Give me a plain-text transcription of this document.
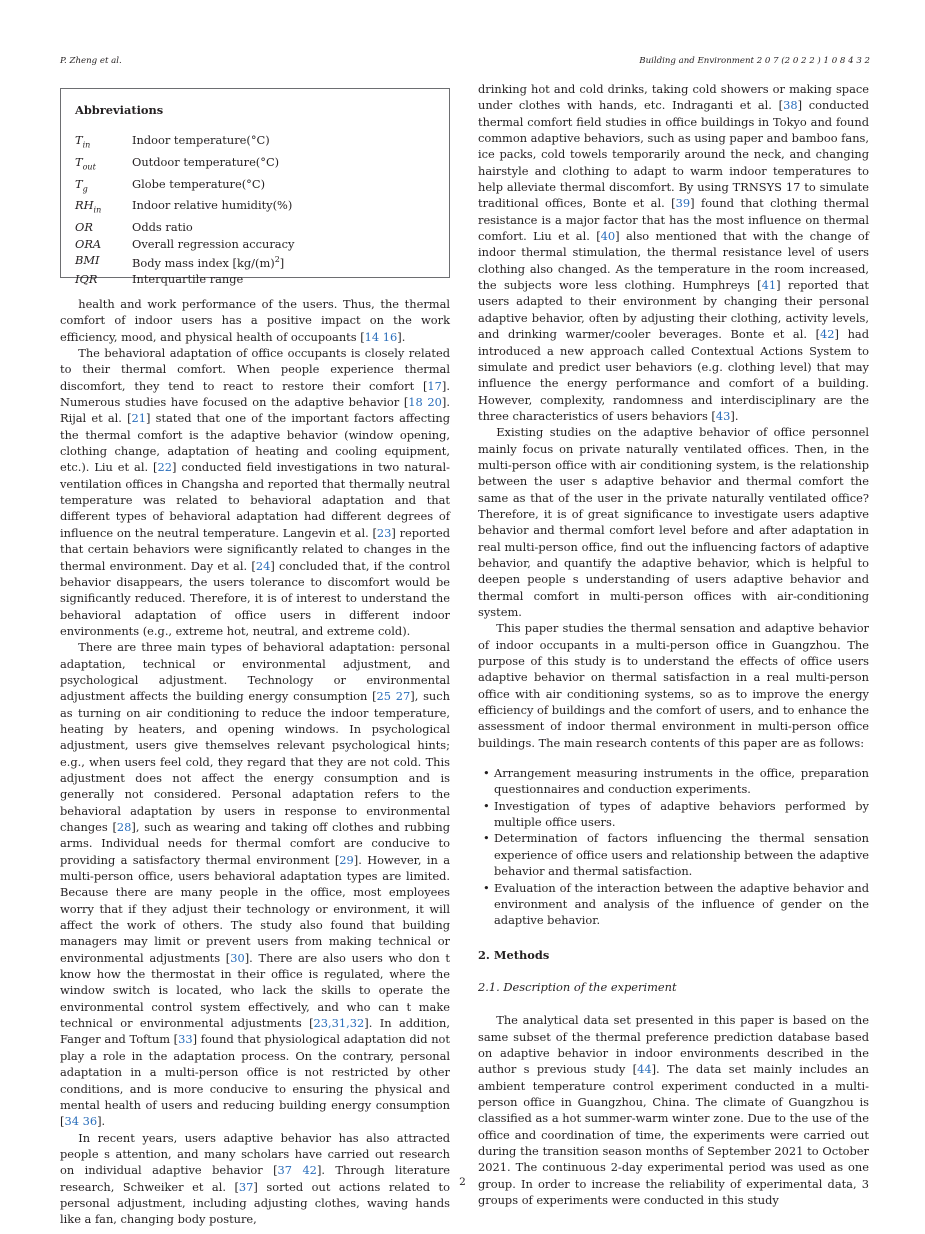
P. Zheng et al.	Building and Environment 2 0 7 (2 0 2 2 ) 1 0 8 4 3 2
Abbreviations
$T_{in}$	Indoor temperature(°C)
$T_{out}$	Outdoor temperature(°C)
$T_g$	Globe temperature(°C)
$RH_{in}$	Indoor relative humidity(%)
OR	Odds ratio
ORA	Overall regression accuracy
BMI	Body mass index $[kg/(m)^2]$
IQR	Interquartile range

health and work performance of the users. Thus, the thermal comfort of indoor users has a positive impact on the work efficiency, mood, and physical health of occupoants [14 16].

The behavioral adaptation of office occupants is closely related to their thermal comfort. When people experience thermal discomfort, they tend to react to restore their comfort [17]. Numerous studies have focused on the adaptive behavior [18 20]. Rijal et al. [21] stated that one of the important factors affecting the thermal comfort is the adaptive behavior (window opening, clothing change, adaptation of heating and cooling equipment, etc.). Liu et al. [22] conducted field investigations in two natural-ventilation offices in Changsha and reported that thermally neutral temperature was related to behavioral adaptation and that different types of behavioral adaptation had different degrees of influence on the neutral temperature. Langevin et al. [23] reported that certain behaviors were significantly related to changes in the thermal environment. Day et al. [24] concluded that, if the control behavior disappears, the users tolerance to discomfort would be significantly reduced. Therefore, it is of interest to understand the behavioral adaptation of office users in different indoor environments (e.g., extreme hot, neutral, and extreme cold).

There are three main types of behavioral adaptation: personal adaptation, technical or environmental adjustment, and psychological adjustment. Technology or environmental adjustment affects the building energy consumption [25 27], such as turning on air conditioning to reduce the indoor temperature, heating by heaters, and opening windows. In psychological adjustment, users give themselves relevant psychological hints; e.g., when users feel cold, they regard that they are not cold. This adjustment does not affect the energy consumption and is generally not considered. Personal adaptation refers to the behavioral adaptation by users in response to environmental changes [28], such as wearing and taking off clothes and rubbing arms. Individual needs for thermal comfort are conducive to providing a satisfactory thermal environment [29]. However, in a multi-person office, users behavioral adaptation types are limited. Because there are many people in the office, most employees worry that if they adjust their technology or environment, it will affect the work of others. The study also found that building managers may limit or prevent users from making technical or environmental adjustments [30]. There are also users who don t know how the thermostat in their office is regulated, where the window switch is located, who lack the skills to operate the environmental control system effectively, and who can t make technical or environmental adjustments [23,31,32]. In addition, Fanger and Toftum [33] found that physiological adaptation did not play a role in the adaptation process. On the contrary, personal adaptation in a multi-person office is not restricted by other conditions, and is more conducive to ensuring the physical and mental health of users and reducing building energy consumption [34 36].

In recent years, users adaptive behavior has also attracted people s attention, and many scholars have carried out research on individual adaptive behavior [37 42]. Through literature research, Schweiker et al. [37] sorted out actions related to personal adjustment, including adjusting clothes, waving hands like a fan, changing body posture,

drinking hot and cold drinks, taking cold showers or making space under clothes with hands, etc. Indraganti et al. [38] conducted thermal comfort field studies in office buildings in Tokyo and found common adaptive behaviors, such as using paper and bamboo fans, ice packs, cold towels temporarily around the neck, and changing hairstyle and clothing to adapt to warm indoor temperatures to help alleviate thermal discomfort. By using TRNSYS 17 to simulate traditional offices, Bonte et al. [39] found that clothing thermal resistance is a major factor that has the most influence on thermal comfort. Liu et al. [40] also mentioned that with the change of indoor thermal stimulation, the thermal resistance level of users clothing also changed. As the temperature in the room increased, the subjects wore less clothing. Humphreys [41] reported that users adapted to their environment by changing their personal adaptive behavior, often by adjusting their clothing, activity levels, and drinking warmer/cooler beverages. Bonte et al. [42] had introduced a new approach called Contextual Actions System to simulate and predict user behaviors (e.g. clothing level) that may influence the energy performance and comfort of a building. However, complexity, randomness and interdisciplinary are the three characteristics of users behaviors [43].

Existing studies on the adaptive behavior of office personnel mainly focus on private naturally ventilated offices. Then, in the multi-person office with air conditioning system, is the relationship between the user s adaptive behavior and thermal comfort the same as that of the user in the private naturally ventilated office? Therefore, it is of great significance to investigate users adaptive behavior and thermal comfort level before and after adaptation in real multi-person office, find out the influencing factors of adaptive behavior, and quantify the adaptive behavior, which is helpful to deepen people s understanding of users adaptive behavior and thermal comfort in multi-person offices with air-conditioning system.

This paper studies the thermal sensation and adaptive behavior of indoor occupants in a multi-person office in Guangzhou. The purpose of this study is to understand the effects of office users adaptive behavior on thermal satisfaction in a real multi-person office with air conditioning systems, so as to improve the energy efficiency of buildings and the comfort of users, and to enhance the assessment of indoor thermal environment in multi-person office buildings. The main research contents of this paper are as follows:

• Arrangement measuring instruments in the office, preparation questionnaires and conduction experiments.
• Investigation of types of adaptive behaviors performed by multiple office users.
• Determination of factors influencing the thermal sensation experience of office users and relationship between the adaptive behavior and thermal satisfaction.
• Evaluation of the interaction between the adaptive behavior and environment and analysis of the influence of gender on the adaptive behavior.
2. Methods
2.1. Description of the experiment

The analytical data set presented in this paper is based on the same subset of the thermal preference prediction database based on adaptive behavior in indoor environments described in the author s previous study [44]. The data set mainly includes an ambient temperature control experiment conducted in a multi-person office in Guangzhou, China. The climate of Guangzhou is classified as a hot summer-warm winter zone. Due to the use of the office and coordination of time, the experiments were carried out during the transition season months of September 2021 to October 2021. The continuous 2-day experimental period was used as one group. In order to increase the reliability of experimental data, 3 groups of experiments were conducted in this study

2
